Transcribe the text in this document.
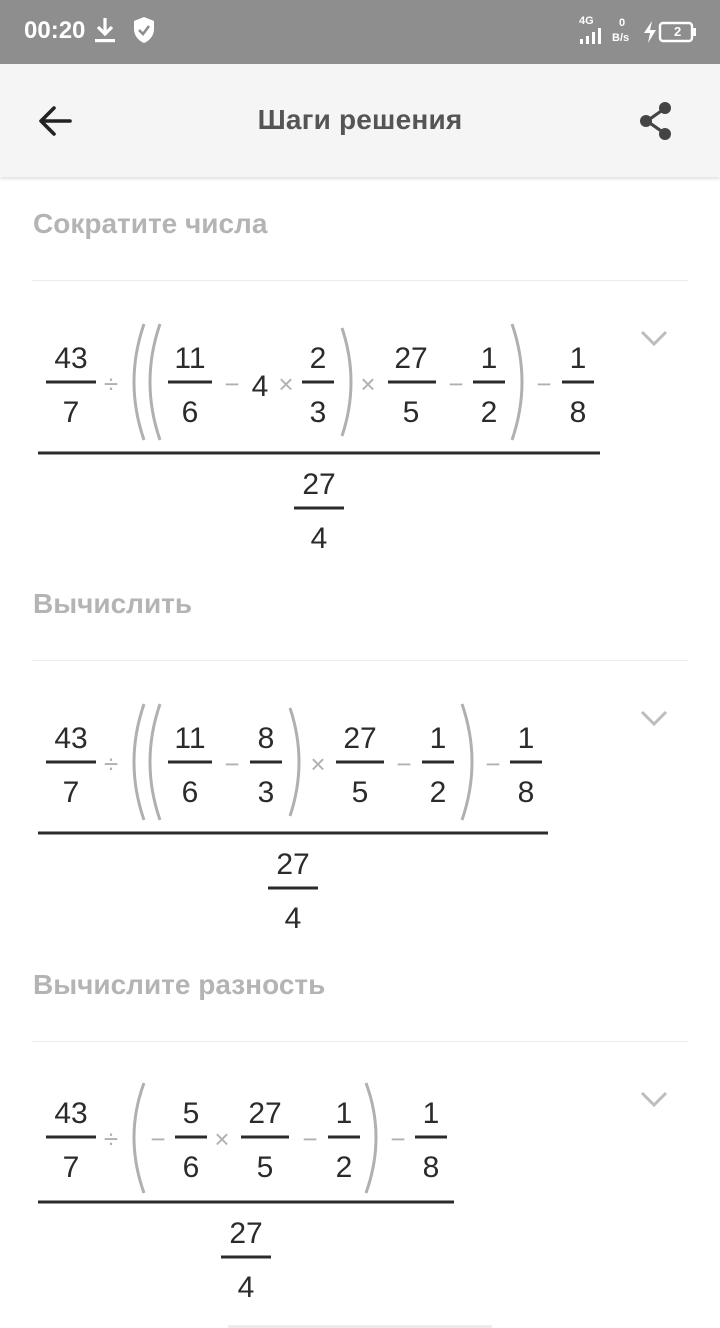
00:20	4G 0
B/s	2
Шаги решения
Сократите числа
43
÷
11
6
− 4 ×
2
3
×
27
5
−
1
2
−
1
8
27
4
7
Вычислить
43
7
÷
11
6
−
8
3
×
27
5
−
1
2
−
1
8
27
4
Вычислите разность
43
7
÷ −
5
6
×
27
5
−
1
2
−
1
8
27
4
